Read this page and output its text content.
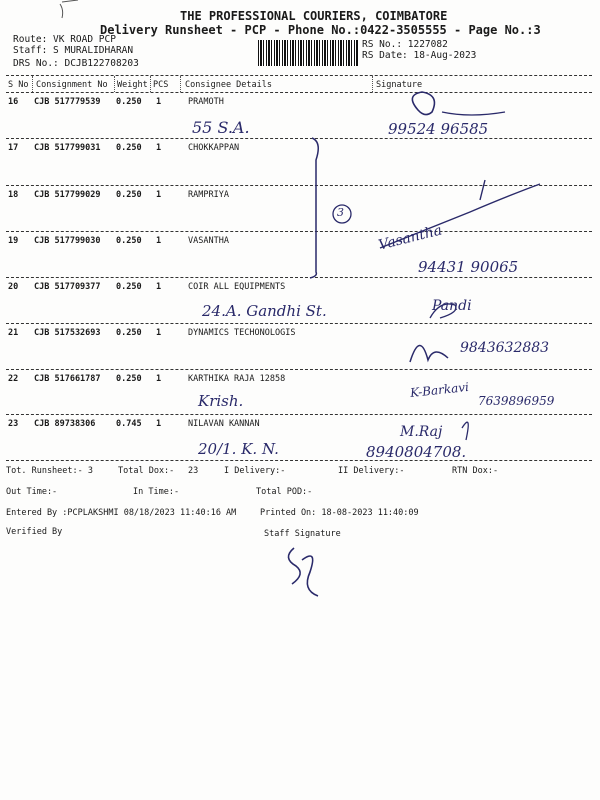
THE PROFESSIONAL COURIERS, COIMBATORE
Delivery Runsheet - PCP - Phone No.:0422-3505555 - Page No.:3
Route: VK ROAD PCP
Staff: S MURALIDHARAN
DRS No.: DCJB122708203
RS No.: 1227082
RS Date: 18-Aug-2023
S No Consignment No Weight PCS Consignee Details	Signature
16 CJB 517779539 0.250 1	PRAMOTH
17 CJB 517799031 0.250 1	CHOKKAPPAN
18 CJB 517799029 0.250 1	RAMPRIYA
19 CJB 517799030 0.250 1	VASANTHA
20 CJB 517709377 0.250 1	COIR ALL EQUIPMENTS
21 CJB 517532693 0.250 1	DYNAMICS TECHONOLOGIS
22 CJB 517661787 0.250 1	KARTHIKA RAJA 12858
23 CJB 89738306 0.745 1	NILAVAN KANNAN
55 S.A.	99524 96585
3
Vasantha
94431 90065
24.A. Gandhi St.	Pandi
9843632883
Krish.
K-Barkavi
7639896959
20/1. K. N.
M.Raj
8940804708.
Tot. Runsheet:- 3	Total Dox:- 23	I Delivery:-	II Delivery:-	RTN Dox:-
Out Time:-	In Time:-	Total POD:-
Entered By :PCPLAKSHMI 08/18/2023 11:40:16 AM	Printed On: 18-08-2023 11:40:09
Verified By	Staff Signature
